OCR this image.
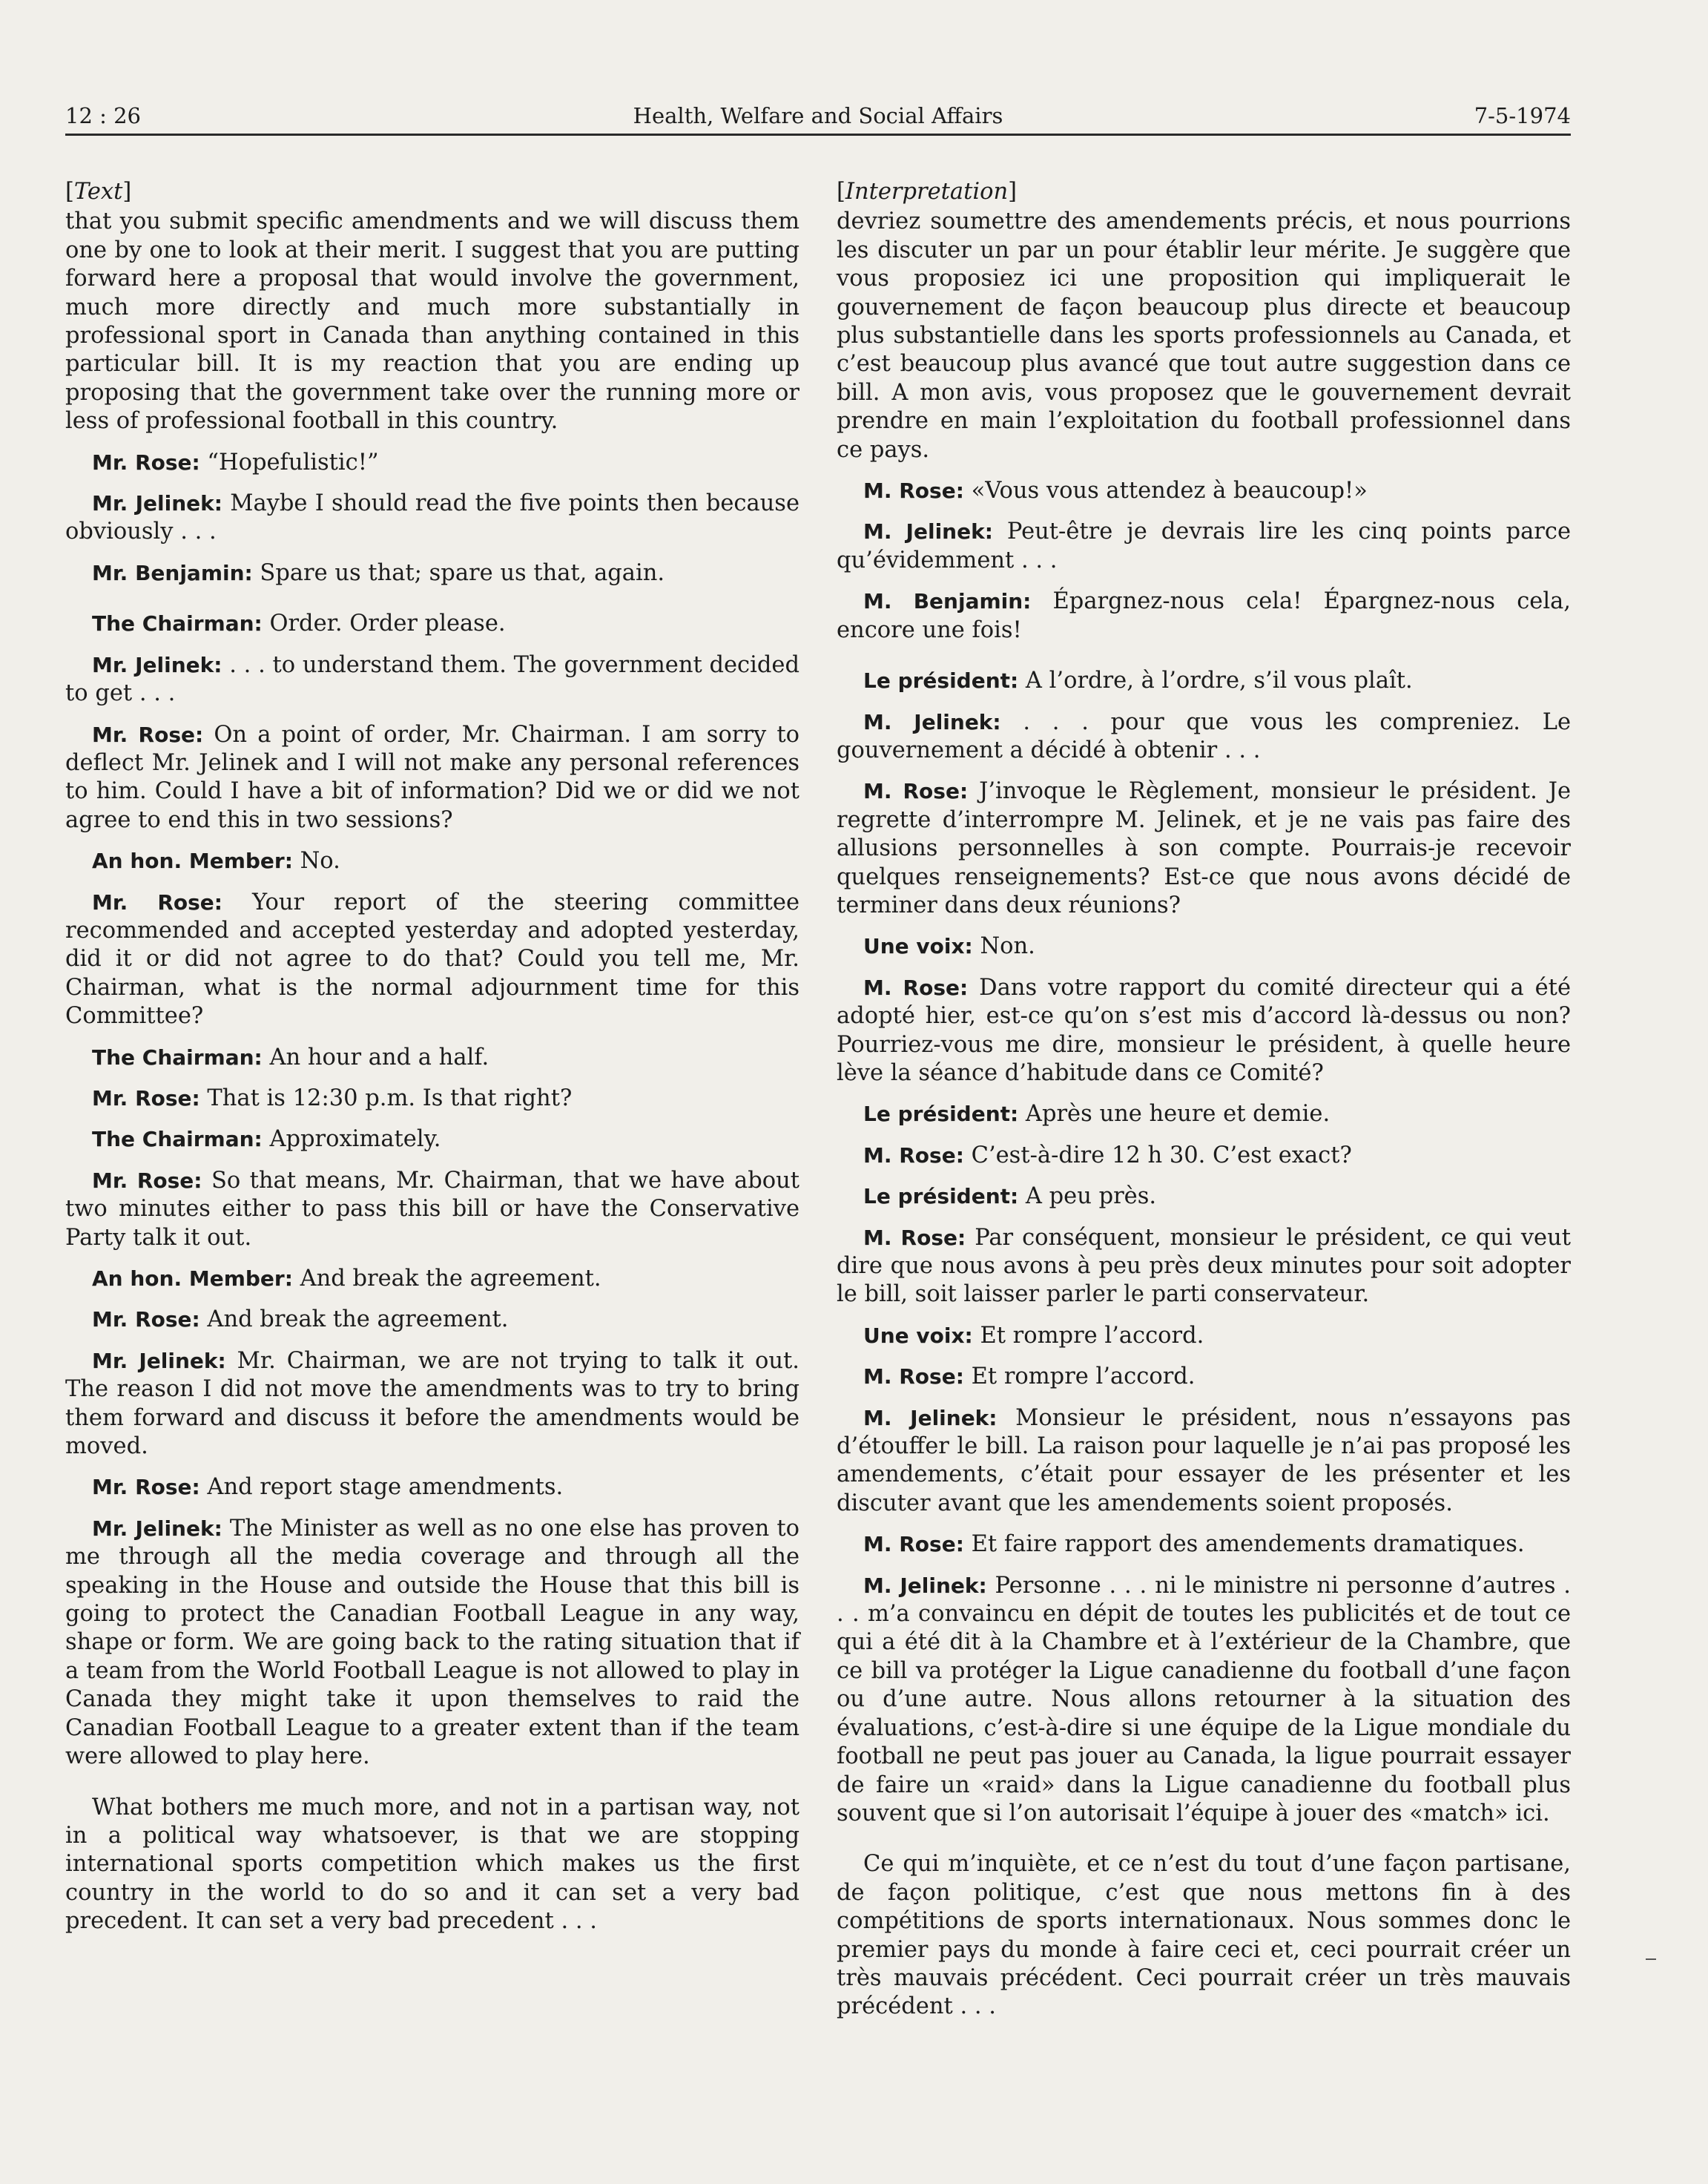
12 : 26	Health, Welfare and Social Affairs	7-5-1974
[ Text ]

that you submit specific amendments and we will discuss them one by one to look at their merit. I suggest that you are putting forward here a proposal that would involve the government, much more directly and much more substantially in professional sport in Canada than anything contained in this particular bill. It is my reaction that you are ending up proposing that the government take over the running more or less of professional football in this country.

Mr. Rose: “Hopefulistic!”

Mr. Jelinek: Maybe I should read the five points then because obviously . . .

Mr. Benjamin: Spare us that; spare us that, again.

The Chairman: Order. Order please.

Mr. Jelinek: . . . to understand them. The government decided to get . . .

Mr. Rose: On a point of order, Mr. Chairman. I am sorry to deflect Mr. Jelinek and I will not make any personal references to him. Could I have a bit of information? Did we or did we not agree to end this in two sessions?

An hon. Member: No.

Mr. Rose: Your report of the steering committee recommended and accepted yesterday and adopted yesterday, did it or did not agree to do that? Could you tell me, Mr. Chairman, what is the normal adjournment time for this Committee?

The Chairman: An hour and a half.

Mr. Rose: That is 12:30 p.m. Is that right?

The Chairman: Approximately.

Mr. Rose: So that means, Mr. Chairman, that we have about two minutes either to pass this bill or have the Conservative Party talk it out.

An hon. Member: And break the agreement.

Mr. Rose: And break the agreement.

Mr. Jelinek: Mr. Chairman, we are not trying to talk it out. The reason I did not move the amendments was to try to bring them forward and discuss it before the amendments would be moved.

Mr. Rose: And report stage amendments.

Mr. Jelinek: The Minister as well as no one else has proven to me through all the media coverage and through all the speaking in the House and outside the House that this bill is going to protect the Canadian Football League in any way, shape or form. We are going back to the rating situation that if a team from the World Football League is not allowed to play in Canada they might take it upon themselves to raid the Canadian Football League to a greater extent than if the team were allowed to play here.

What bothers me much more, and not in a partisan way, not in a political way whatsoever, is that we are stopping international sports competition which makes us the first country in the world to do so and it can set a very bad precedent. It can set a very bad precedent . . .

[ Interpretation ]

devriez soumettre des amendements précis, et nous pourrions les discuter un par un pour établir leur mérite. Je suggère que vous proposiez ici une proposition qui impliquerait le gouvernement de façon beaucoup plus directe et beaucoup plus substantielle dans les sports professionnels au Canada, et c’est beaucoup plus avancé que tout autre suggestion dans ce bill. A mon avis, vous proposez que le gouvernement devrait prendre en main l’exploitation du football professionnel dans ce pays.

M. Rose: «Vous vous attendez à beaucoup!»

M. Jelinek: Peut-être je devrais lire les cinq points parce qu’évidemment . . .

M. Benjamin: Épargnez-nous cela! Épargnez-nous cela, encore une fois!

Le président: A l’ordre, à l’ordre, s’il vous plaît.

M. Jelinek: . . . pour que vous les compreniez. Le gouvernement a décidé à obtenir . . .

M. Rose: J’invoque le Règlement, monsieur le président. Je regrette d’interrompre M. Jelinek, et je ne vais pas faire des allusions personnelles à son compte. Pourrais-je recevoir quelques renseignements? Est-ce que nous avons décidé de terminer dans deux réunions?

Une voix: Non.

M. Rose: Dans votre rapport du comité directeur qui a été adopté hier, est-ce qu’on s’est mis d’accord là-dessus ou non? Pourriez-vous me dire, monsieur le président, à quelle heure lève la séance d’habitude dans ce Comité?

Le président: Après une heure et demie.

M. Rose: C’est-à-dire 12 h 30. C’est exact?

Le président: A peu près.

M. Rose: Par conséquent, monsieur le président, ce qui veut dire que nous avons à peu près deux minutes pour soit adopter le bill, soit laisser parler le parti conservateur.

Une voix: Et rompre l’accord.

M. Rose: Et rompre l’accord.

M. Jelinek: Monsieur le président, nous n’essayons pas d’étouffer le bill. La raison pour laquelle je n’ai pas proposé les amendements, c’était pour essayer de les présenter et les discuter avant que les amendements soient proposés.

M. Rose: Et faire rapport des amendements dramatiques.

M. Jelinek: Personne . . . ni le ministre ni personne d’autres . . . m’a convaincu en dépit de toutes les publicités et de tout ce qui a été dit à la Chambre et à l’extérieur de la Chambre, que ce bill va protéger la Ligue canadienne du football d’une façon ou d’une autre. Nous allons retourner à la situation des évaluations, c’est-à-dire si une équipe de la Ligue mondiale du football ne peut pas jouer au Canada, la ligue pourrait essayer de faire un «raid» dans la Ligue canadienne du football plus souvent que si l’on autorisait l’équipe à jouer des «match» ici.

Ce qui m’inquiète, et ce n’est du tout d’une façon partisane, de façon politique, c’est que nous mettons fin à des compétitions de sports internationaux. Nous sommes donc le premier pays du monde à faire ceci et, ceci pourrait créer un très mauvais précédent. Ceci pourrait créer un très mauvais précédent . . .
